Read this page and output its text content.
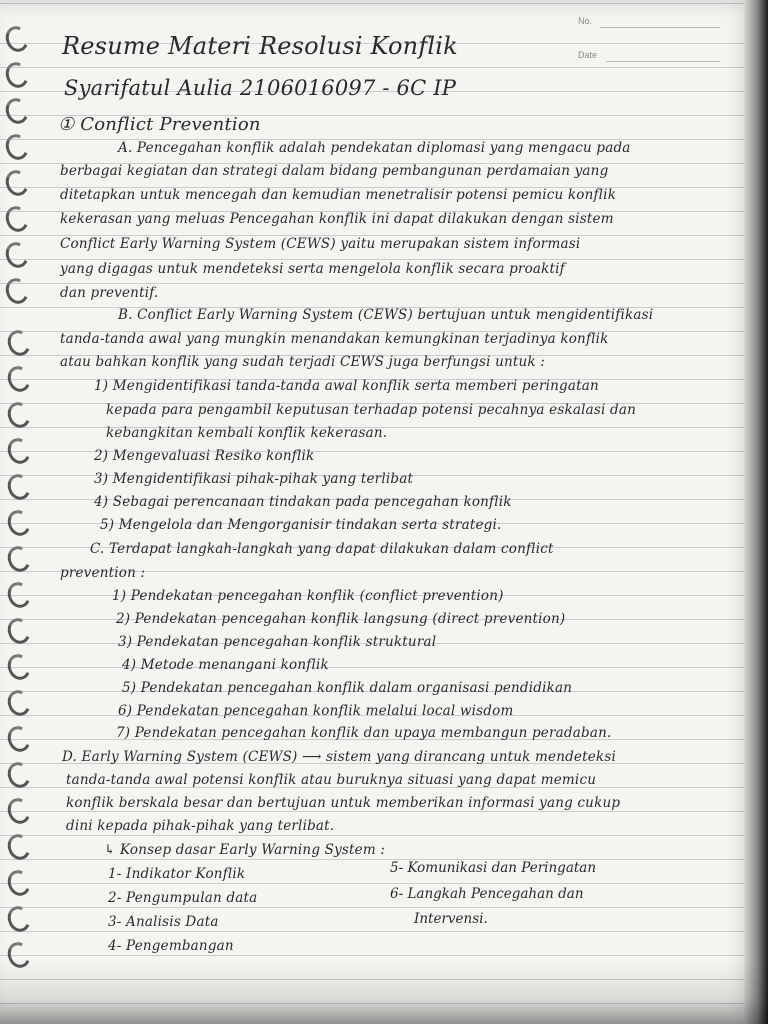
No.
Date
Resume Materi Resolusi Konflik
Syarifatul Aulia 2106016097 - 6C IP
① Conflict Prevention
A. Pencegahan konflik adalah pendekatan diplomasi yang mengacu pada
berbagai kegiatan dan strategi dalam bidang pembangunan perdamaian yang
ditetapkan untuk mencegah dan kemudian menetralisir potensi pemicu konflik
kekerasan yang meluas Pencegahan konflik ini dapat dilakukan dengan sistem
Conflict Early Warning System (CEWS) yaitu merupakan sistem informasi
yang digagas untuk mendeteksi serta mengelola konflik secara proaktif
dan preventif.
B. Conflict Early Warning System (CEWS) bertujuan untuk mengidentifikasi
tanda-tanda awal yang mungkin menandakan kemungkinan terjadinya konflik
atau bahkan konflik yang sudah terjadi CEWS juga berfungsi untuk :
1) Mengidentifikasi tanda-tanda awal konflik serta memberi peringatan
kepada para pengambil keputusan terhadap potensi pecahnya eskalasi dan
kebangkitan kembali konflik kekerasan.
2) Mengevaluasi Resiko konflik
3) Mengidentifikasi pihak-pihak yang terlibat
4) Sebagai perencanaan tindakan pada pencegahan konflik
5) Mengelola dan Mengorganisir tindakan serta strategi.
C. Terdapat langkah-langkah yang dapat dilakukan dalam conflict
prevention :
1) Pendekatan pencegahan konflik (conflict prevention)
2) Pendekatan pencegahan konflik langsung (direct prevention)
3) Pendekatan pencegahan konflik struktural
4) Metode menangani konflik
5) Pendekatan pencegahan konflik dalam organisasi pendidikan
6) Pendekatan pencegahan konflik melalui local wisdom
7) Pendekatan pencegahan konflik dan upaya membangun peradaban.
D. Early Warning System (CEWS) ⟶ sistem yang dirancang untuk mendeteksi
tanda-tanda awal potensi konflik atau buruknya situasi yang dapat memicu
konflik berskala besar dan bertujuan untuk memberikan informasi yang cukup
dini kepada pihak-pihak yang terlibat.
↳ Konsep dasar Early Warning System :
1- Indikator Konflik
2- Pengumpulan data
3- Analisis Data
4- Pengembangan
5- Komunikasi dan Peringatan
6- Langkah Pencegahan dan
Intervensi.
